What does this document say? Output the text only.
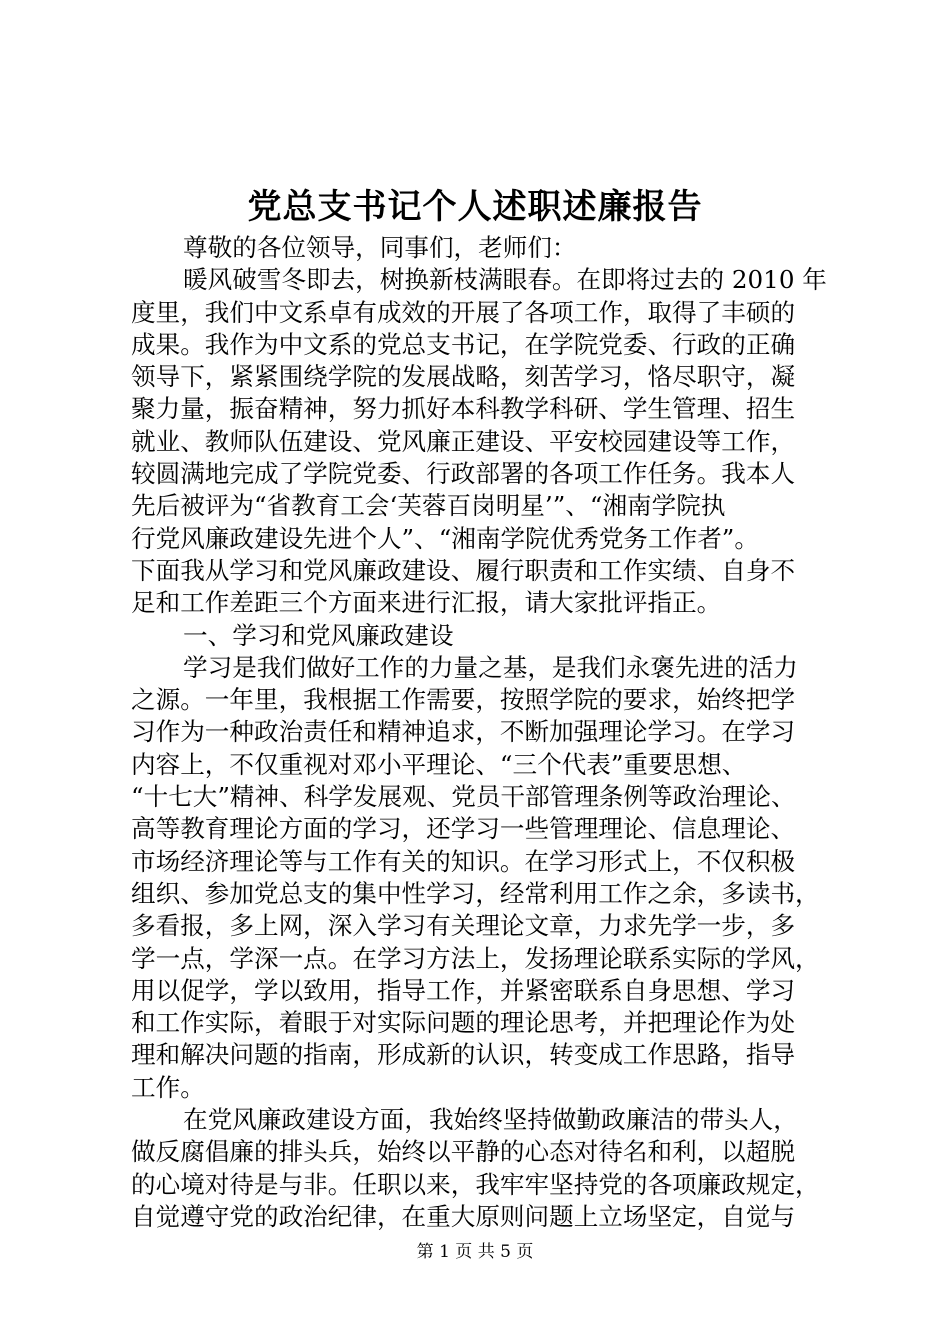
党总支书记个人述职述廉报告
尊敬的各位领导，同事们，老师们：
暖风破雪冬即去，树换新枝满眼春。在即将过去的 2010 年
度里，我们中文系卓有成效的开展了各项工作，取得了丰硕的
成果。我作为中文系的党总支书记，在学院党委、行政的正确
领导下，紧紧围绕学院的发展战略，刻苦学习，恪尽职守，凝
聚力量，振奋精神，努力抓好本科教学科研、学生管理、招生
就业、教师队伍建设、党风廉正建设、平安校园建设等工作，
较圆满地完成了学院党委、行政部署的各项工作任务。我本人
先后被评为“省教育工会‘芙蓉百岗明星’”、“湘南学院执
行党风廉政建设先进个人”、“湘南学院优秀党务工作者”。
下面我从学习和党风廉政建设、履行职责和工作实绩、自身不
足和工作差距三个方面来进行汇报，请大家批评指正。
一、学习和党风廉政建设
学习是我们做好工作的力量之基，是我们永褒先进的活力
之源。一年里，我根据工作需要，按照学院的要求，始终把学
习作为一种政治责任和精神追求，不断加强理论学习。在学习
内容上，不仅重视对邓小平理论、“三个代表”重要思想、
“十七大”精神、科学发展观、党员干部管理条例等政治理论、
高等教育理论方面的学习，还学习一些管理理论、信息理论、
市场经济理论等与工作有关的知识。在学习形式上，不仅积极
组织、参加党总支的集中性学习，经常利用工作之余，多读书，
多看报，多上网，深入学习有关理论文章，力求先学一步，多
学一点，学深一点。在学习方法上，发扬理论联系实际的学风，
用以促学，学以致用，指导工作，并紧密联系自身思想、学习
和工作实际，着眼于对实际问题的理论思考，并把理论作为处
理和解决问题的指南，形成新的认识，转变成工作思路，指导
工作。
在党风廉政建设方面，我始终坚持做勤政廉洁的带头人，
做反腐倡廉的排头兵，始终以平静的心态对待名和利，以超脱
的心境对待是与非。任职以来，我牢牢坚持党的各项廉政规定，
自觉遵守党的政治纪律，在重大原则问题上立场坚定，自觉与
第 1 页 共 5 页
